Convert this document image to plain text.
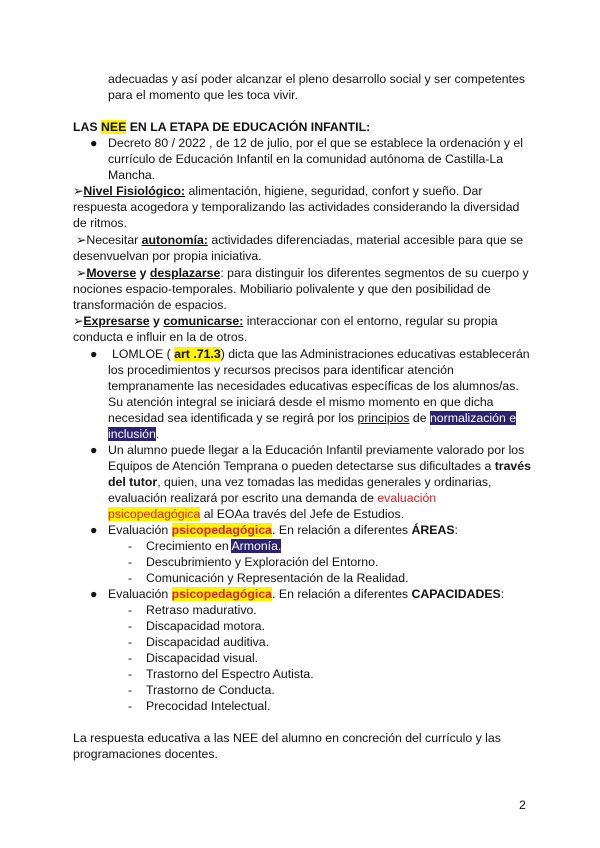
adecuadas y así poder alcanzar el pleno desarrollo social y ser competentes
para el momento que les toca vivir.
LAS NEE EN LA ETAPA DE EDUCACIÓN INFANTIL:
● Decreto 80 / 2022 , de 12 de julio, por el que se establece la ordenación y el
currículo de Educación Infantil en la comunidad autónoma de Castilla-La
Mancha.
➢Nivel Fisiológico: alimentación, higiene, seguridad, confort y sueño. Dar
respuesta acogedora y temporalizando las actividades considerando la diversidad
de ritmos.
➢Necesitar autonomía: actividades diferenciadas, material accesible para que se
desenvuelvan por propia iniciativa.
➢Moverse y desplazarse: para distinguir los diferentes segmentos de su cuerpo y
nociones espacio-temporales. Mobiliario polivalente y que den posibilidad de
transformación de espacios.
➢Expresarse y comunicarse: interaccionar con el entorno, regular su propia
conducta e influir en la de otros.
● LOMLOE ( art .71.3) dicta que las Administraciones educativas establecerán
los procedimientos y recursos precisos para identificar atención
tempranamente las necesidades educativas específicas de los alumnos/as.
Su atención integral se iniciará desde el mismo momento en que dicha
necesidad sea identificada y se regirá por los principios de normalización e
inclusión.
● Un alumno puede llegar a la Educación Infantil previamente valorado por los
Equipos de Atención Temprana o pueden detectarse sus dificultades a través
del tutor, quien, una vez tomadas las medidas generales y ordinarias,
evaluación realizará por escrito una demanda de evaluación
psicopedagógica al EOAa través del Jefe de Estudios.
● Evaluación psicopedagógica. En relación a diferentes ÁREAS:
- Crecimiento en Armonía.
- Descubrimiento y Exploración del Entorno.
- Comunicación y Representación de la Realidad.
● Evaluación psicopedagógica. En relación a diferentes CAPACIDADES:
- Retraso madurativo.
- Discapacidad motora.
- Discapacidad auditiva.
- Discapacidad visual.
- Trastorno del Espectro Autista.
- Trastorno de Conducta.
- Precocidad Intelectual.
La respuesta educativa a las NEE del alumno en concreción del currículo y las
programaciones docentes.
2
